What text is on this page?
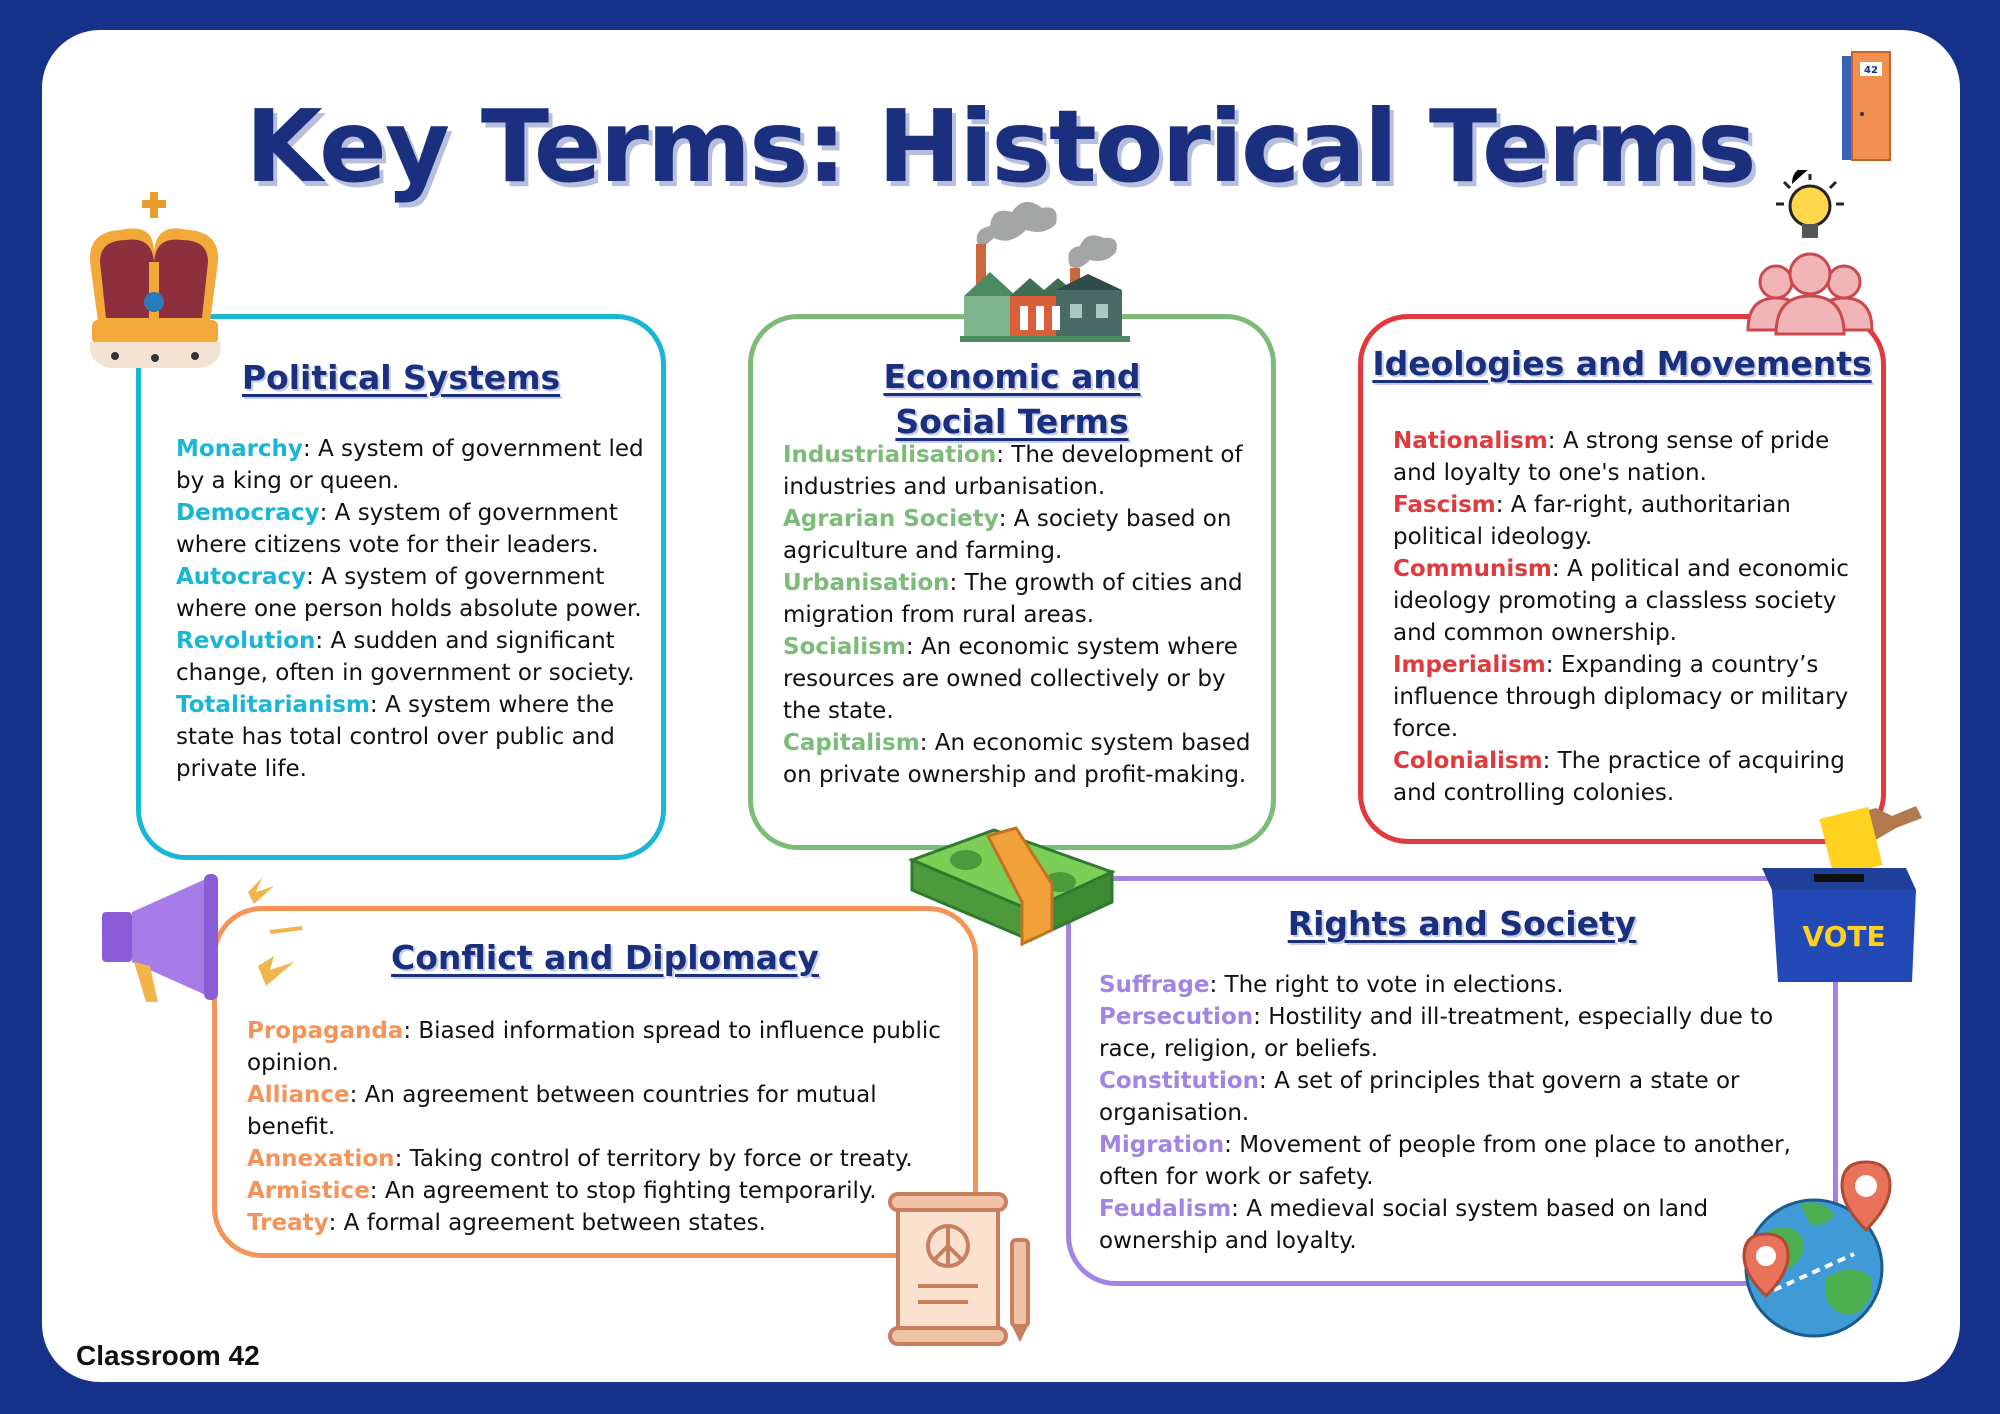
Key Terms: Historical Terms
Conflict and Diplomacy

Propaganda: Biased information spread to influence public opinion.

Alliance: An agreement between countries for mutual benefit.

Annexation: Taking control of territory by force or treaty.

Armistice: An agreement to stop fighting temporarily.

Treaty: A formal agreement between states.

Rights and Society

Suffrage: The right to vote in elections.

Persecution: Hostility and ill-treatment, especially due to race, religion, or beliefs.

Constitution: A set of principles that govern a state or organisation.

Migration: Movement of people from one place to another, often for work or safety.

Feudalism: A medieval social system based on land ownership and loyalty.

Political Systems

Monarchy: A system of government led by a king or queen.

Democracy: A system of government where citizens vote for their leaders.

Autocracy: A system of government where one person holds absolute power.

Revolution: A sudden and significant change, often in government or society.

Totalitarianism: A system where the state has total control over public and private life.

Economic and Social Terms

Industrialisation: The development of industries and urbanisation.

Agrarian Society: A society based on agriculture and farming.

Urbanisation: The growth of cities and migration from rural areas.

Socialism: An economic system where resources are owned collectively or by the state.

Capitalism: An economic system based on private ownership and profit-making.

Ideologies and Movements

Nationalism: A strong sense of pride and loyalty to one's nation.

Fascism: A far-right, authoritarian political ideology.

Communism: A political and economic ideology promoting a classless society and common ownership.

Imperialism: Expanding a country’s influence through diplomacy or military force.

Colonialism: The practice of acquiring and controlling colonies.

42
VOTE
Classroom 42
